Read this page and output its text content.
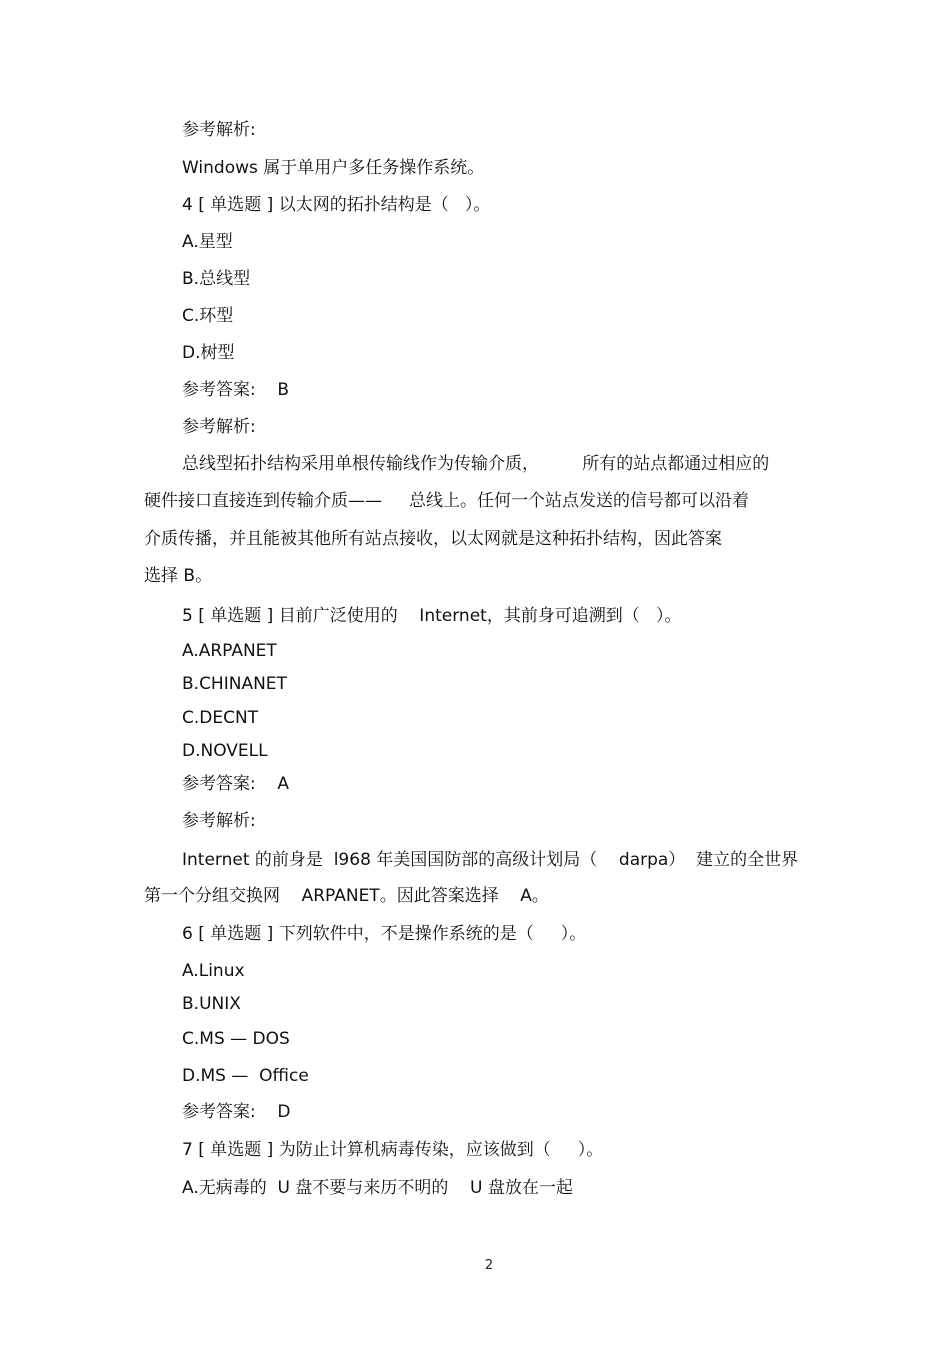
参考解析:
Windows 属于单用户多任务操作系统。
4 [ 单选题 ] 以太网的拓扑结构是（   ）。
A.星型
B.总线型
C.环型
D.树型
参考答案:    B
参考解析:
总线型拓扑结构采用单根传输线作为传输介质，        所有的站点都通过相应的
硬件接口直接连到传输介质——     总线上。任何一个站点发送的信号都可以沿着
介质传播，并且能被其他所有站点接收，以太网就是这种拓扑结构，因此答案
选择 B。
5 [ 单选题 ] 目前广泛使用的    Internet，其前身可追溯到（   ）。
A.ARPANET
B.CHINANET
C.DECNT
D.NOVELL
参考答案:    A
参考解析:
Internet 的前身是  l968 年美国国防部的高级计划局（    darpa）  建立的全世界
第一个分组交换网    ARPANET。因此答案选择    A。
6 [ 单选题 ] 下列软件中，不是操作系统的是（     ）。
A.Linux
B.UNIX
C.MS — DOS
D.MS —  Office
参考答案:    D
7 [ 单选题 ] 为防止计算机病毒传染，应该做到（     ）。
A.无病毒的  U 盘不要与来历不明的    U 盘放在一起
2
